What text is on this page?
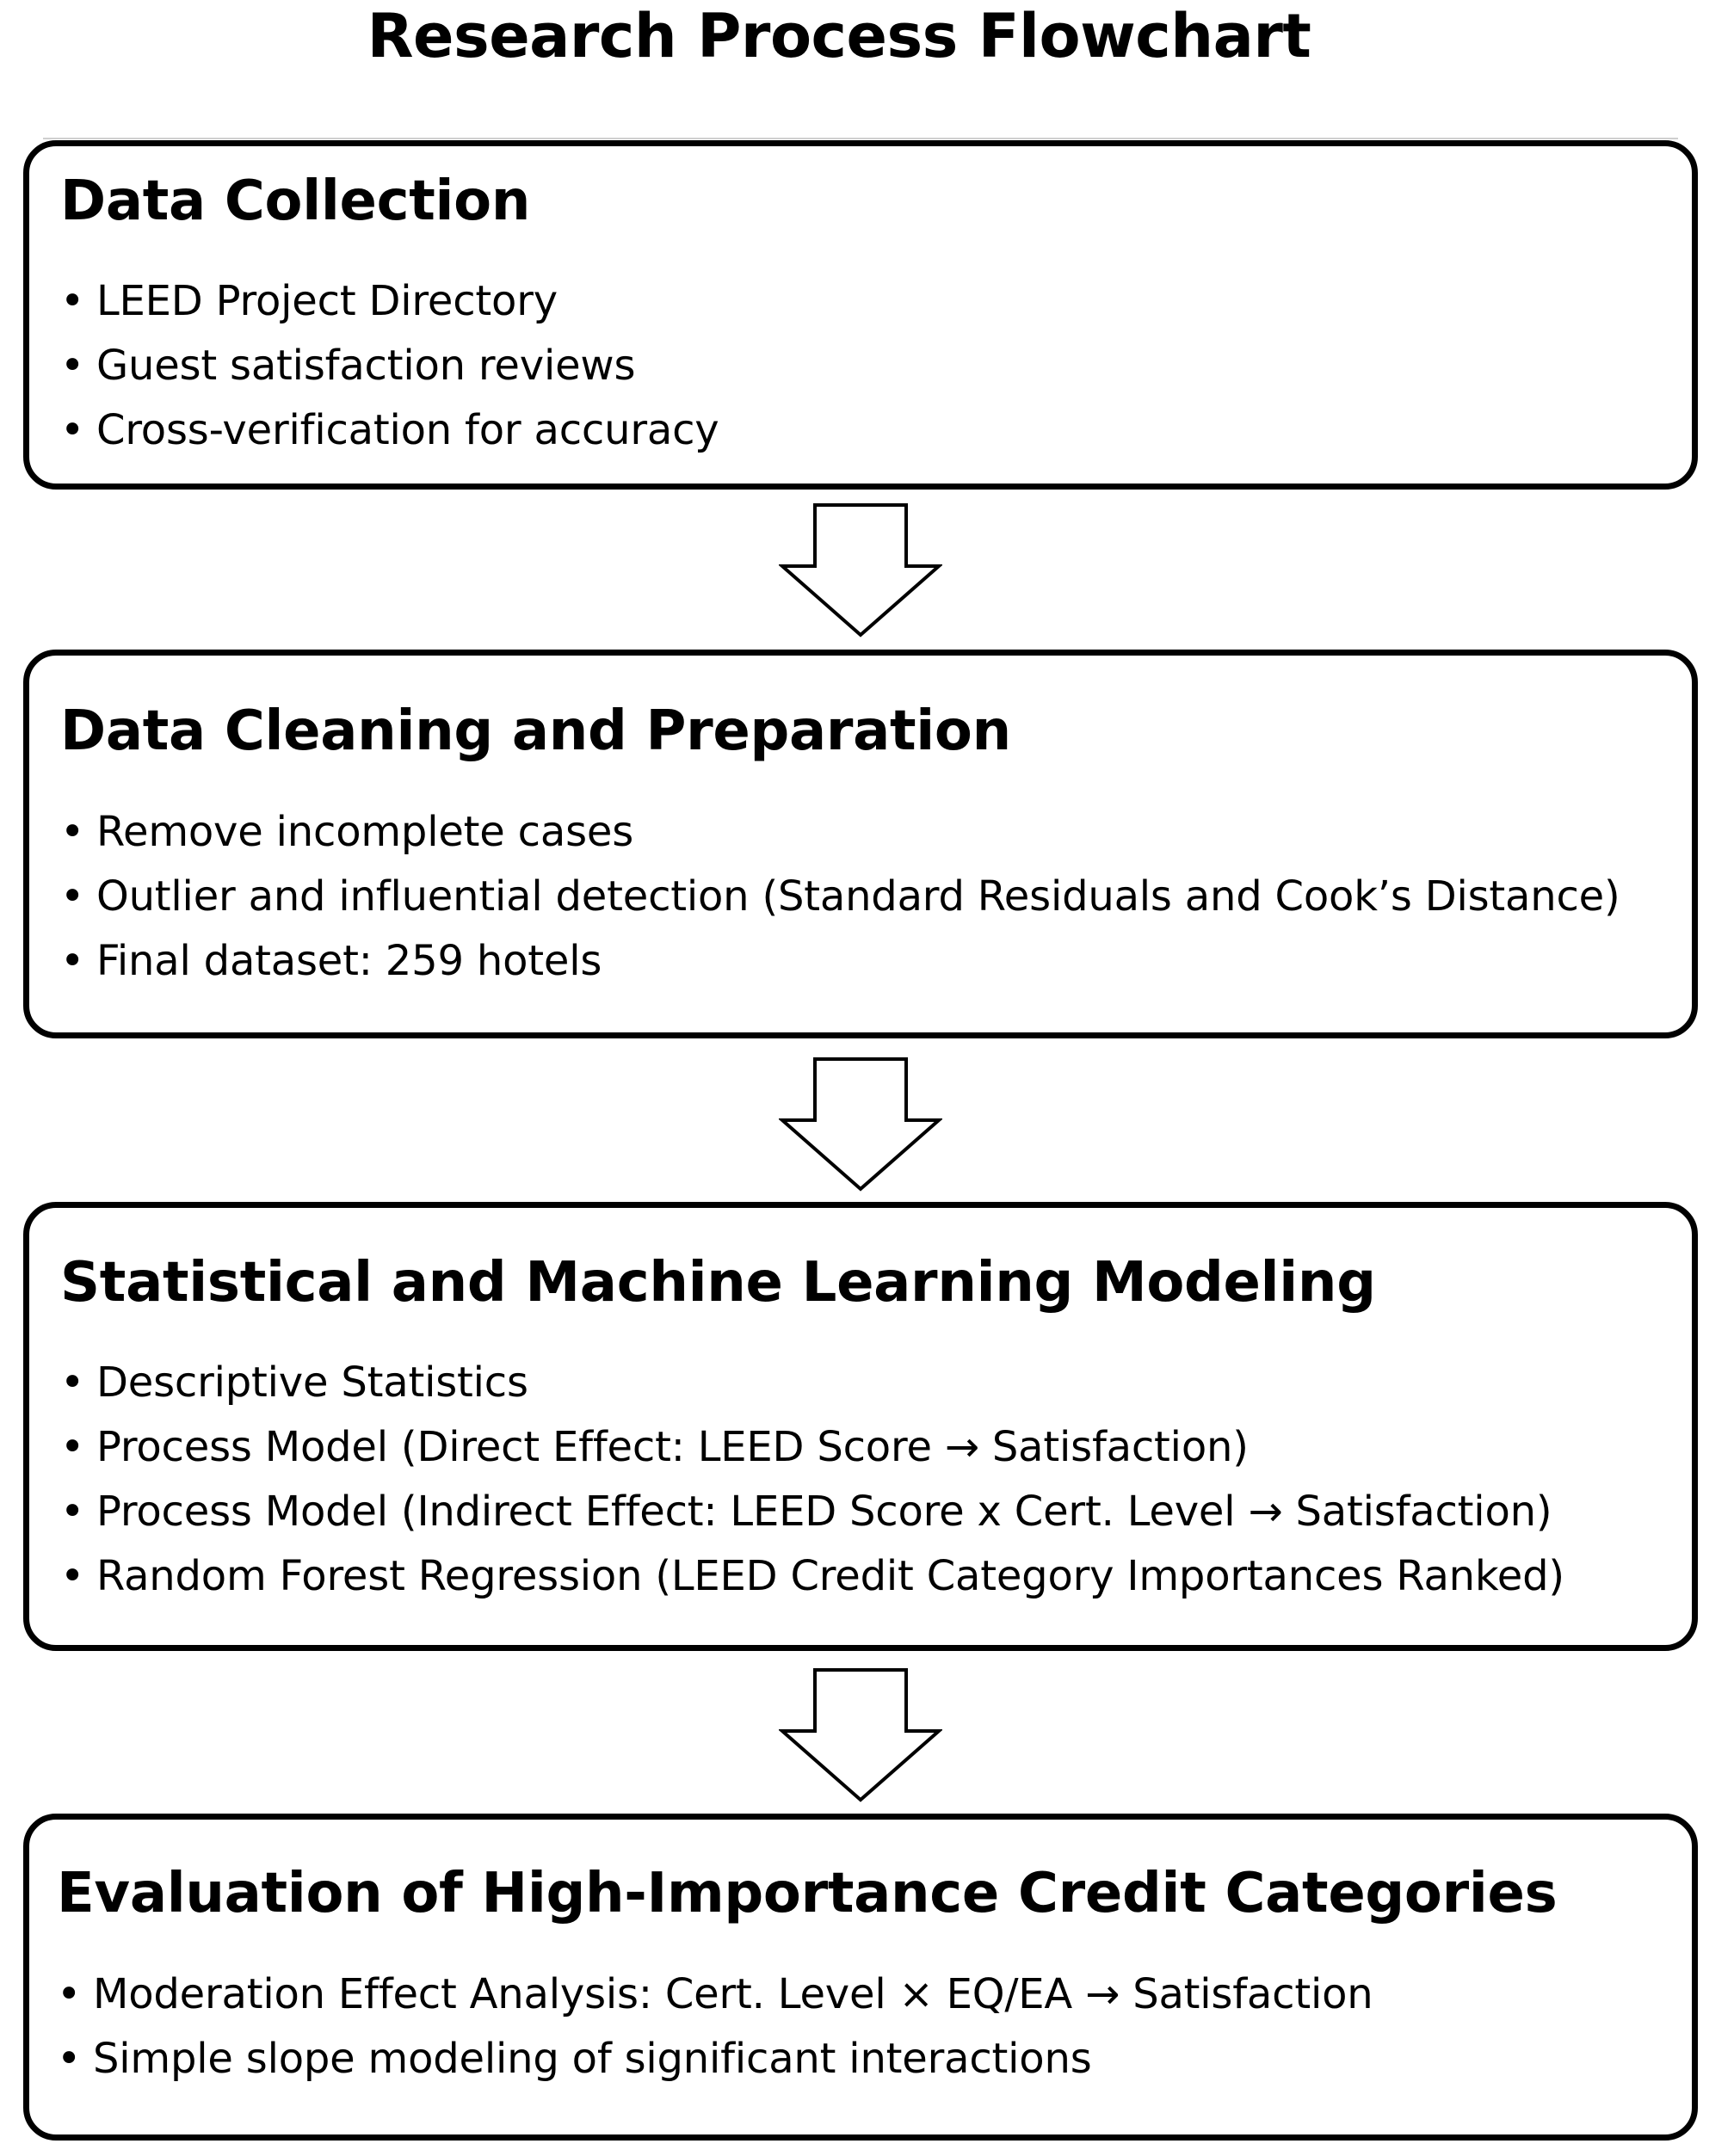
Research Process Flowchart
Data Collection
• LEED Project Directory
• Guest satisfaction reviews
• Cross-verification for accuracy
Data Cleaning and Preparation
• Remove incomplete cases
• Outlier and influential detection (Standard Residuals and Cook’s Distance)
• Final dataset: 259 hotels
Statistical and Machine Learning Modeling
• Descriptive Statistics
• Process Model (Direct Effect: LEED Score → Satisfaction)
• Process Model (Indirect Effect: LEED Score x Cert. Level → Satisfaction)
• Random Forest Regression (LEED Credit Category Importances Ranked)
Evaluation of High-Importance Credit Categories
• Moderation Effect Analysis: Cert. Level × EQ/EA → Satisfaction
• Simple slope modeling of significant interactions
